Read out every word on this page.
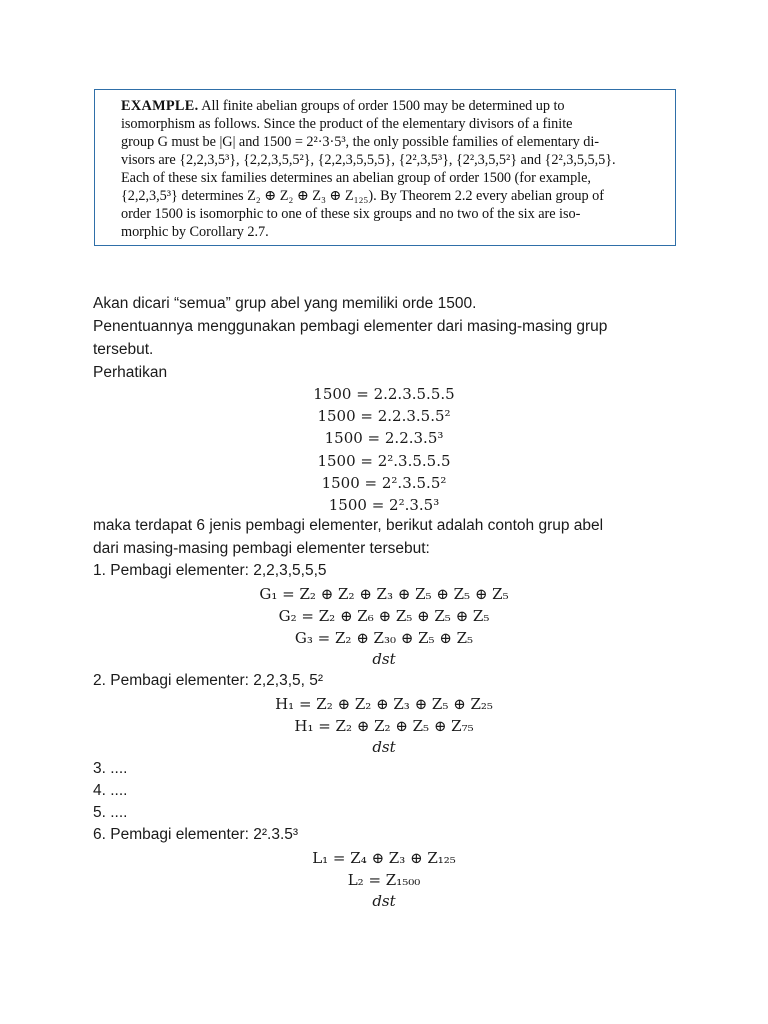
EXAMPLE. All finite abelian groups of order 1500 may be determined up to
isomorphism as follows. Since the product of the elementary divisors of a finite
group G must be |G| and 1500 = 2²·3·5³, the only possible families of elementary di-
visors are {2,2,3,5³}, {2,2,3,5,5²}, {2,2,3,5,5,5}, {2²,3,5³}, {2²,3,5,5²} and {2²,3,5,5,5}.
Each of these six families determines an abelian group of order 1500 (for example,
{2,2,3,5³} determines Z₂ ⊕ Z₂ ⊕ Z₃ ⊕ Z₁₂₅). By Theorem 2.2 every abelian group of
order 1500 is isomorphic to one of these six groups and no two of the six are iso-
morphic by Corollary 2.7.
Akan dicari “semua” grup abel yang memiliki orde 1500.
Penentuannya menggunakan pembagi elementer dari masing-masing grup
tersebut.
Perhatikan
1500 = 2.2.3.5.5.5
1500 = 2.2.3.5.5²
1500 = 2.2.3.5³
1500 = 2².3.5.5.5
1500 = 2².3.5.5²
1500 = 2².3.5³
maka terdapat 6 jenis pembagi elementer, berikut adalah contoh grup abel
dari masing-masing pembagi elementer tersebut:
1. Pembagi elementer: 2,2,3,5,5,5
G₁ = Z₂ ⊕ Z₂ ⊕ Z₃ ⊕ Z₅ ⊕ Z₅ ⊕ Z₅
G₂ = Z₂ ⊕ Z₆ ⊕ Z₅ ⊕ Z₅ ⊕ Z₅
G₃ = Z₂ ⊕ Z₃₀ ⊕ Z₅ ⊕ Z₅
dst
2. Pembagi elementer: 2,2,3,5, 5²
H₁ = Z₂ ⊕ Z₂ ⊕ Z₃ ⊕ Z₅ ⊕ Z₂₅
H₁ = Z₂ ⊕ Z₂ ⊕ Z₅ ⊕ Z₇₅
dst
3. ....
4. ....
5. ....
6. Pembagi elementer: 2².3.5³
L₁ = Z₄ ⊕ Z₃ ⊕ Z₁₂₅
L₂ = Z₁₅₀₀
dst
